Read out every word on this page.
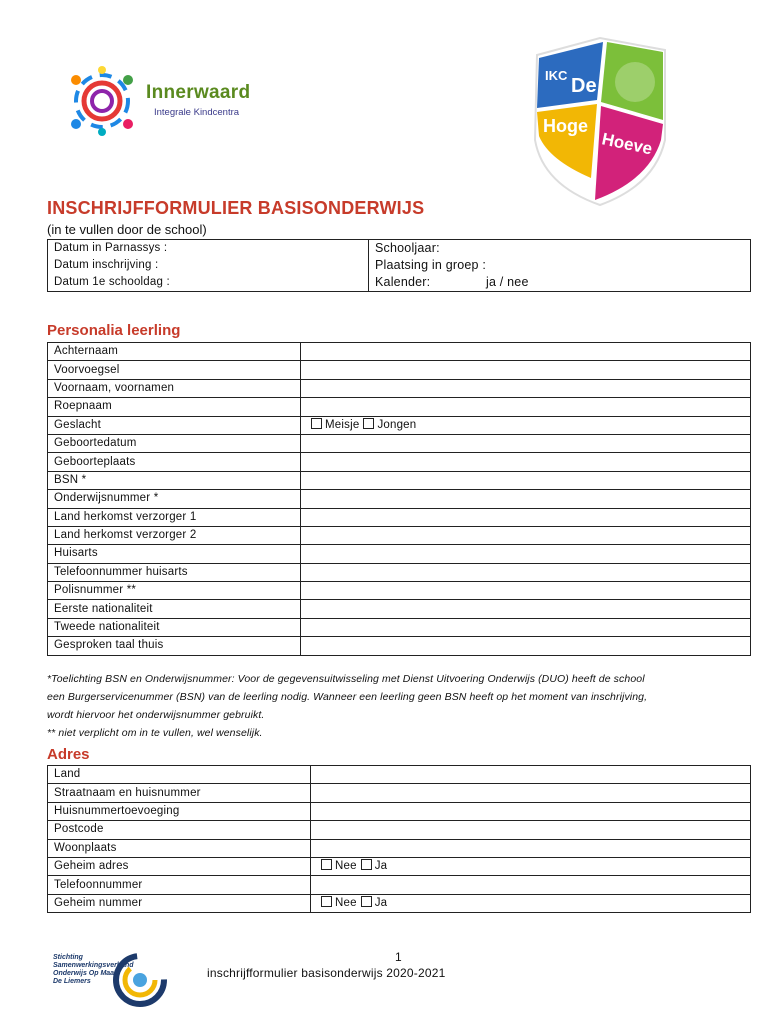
Innerwaard
Integrale Kindcentra
IKC De
Hoge
Hoeve
INSCHRIJFFORMULIER BASISONDERWIJS
(in te vullen door de school)
Datum in Parnassys :	Schooljaar:
Datum inschrijving :	Plaatsing in groep :
Datum 1e schooldag :	Kalender: ja / nee
Personalia leerling
Achternaam	
Voorvoegsel	
Voornaam, voornamen	
Roepnaam	
Geslacht	Meisje Jongen
Geboortedatum	
Geboorteplaats	
BSN *	
Onderwijsnummer *	
Land herkomst verzorger 1	
Land herkomst verzorger 2	
Huisarts	
Telefoonnummer huisarts	
Polisnummer **	
Eerste nationaliteit	
Tweede nationaliteit	
Gesproken taal thuis	
*Toelichting BSN en Onderwijsnummer: Voor de gegevensuitwisseling met Dienst Uitvoering Onderwijs (DUO) heeft de school
een Burgerservicenummer (BSN) van de leerling nodig. Wanneer een leerling geen BSN heeft op het moment van inschrijving,
wordt hiervoor het onderwijsnummer gebruikt.
** niet verplicht om in te vullen, wel wenselijk.
Adres
Land	
Straatnaam en huisnummer	
Huisnummertoevoeging	
Postcode	
Woonplaats	
Geheim adres	Nee Ja
Telefoonnummer	
Geheim nummer	Nee Ja
Stichting
Samenwerkingsverband
Onderwijs Op Maat
De Liemers
1
inschrijfformulier basisonderwijs 2020-2021
